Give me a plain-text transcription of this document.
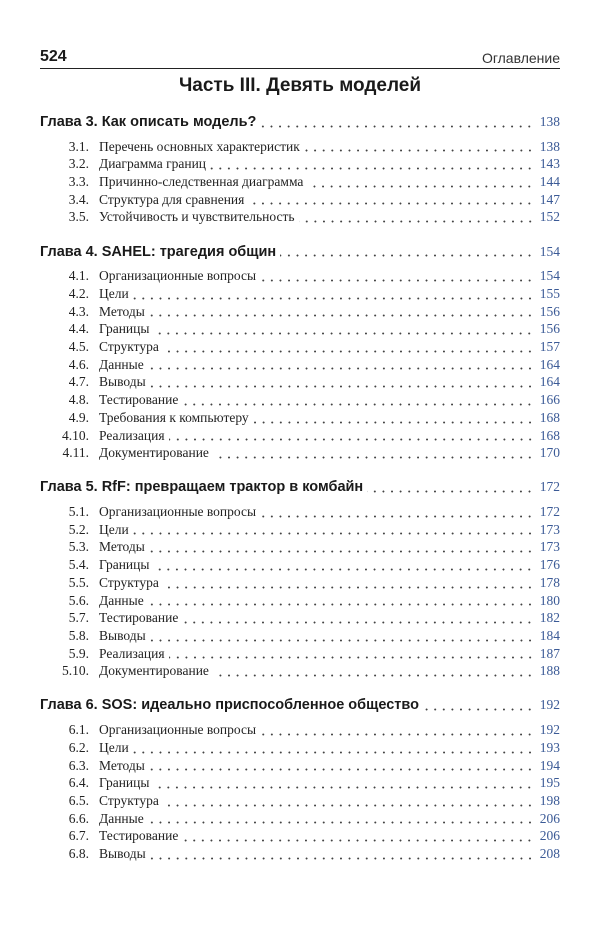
524	Оглавление
Часть III. Девять моделей
Глава 3. Как описать модель?	138
3.1. Перечень основных характеристик	138
3.2. Диаграмма границ	143
3.3. Причинно-следственная диаграмма	144
3.4. Структура для сравнения	147
3.5. Устойчивость и чувствительность	152
Глава 4. SAHEL: трагедия общин	154
4.1. Организационные вопросы	154
4.2. Цели	155
4.3. Методы	156
4.4. Границы	156
4.5. Структура	157
4.6. Данные	164
4.7. Выводы	164
4.8. Тестирование	166
4.9. Требования к компьютеру	168
4.10. Реализация	168
4.11. Документирование	170
Глава 5. RfF: превращаем трактор в комбайн	172
5.1. Организационные вопросы	172
5.2. Цели	173
5.3. Методы	173
5.4. Границы	176
5.5. Структура	178
5.6. Данные	180
5.7. Тестирование	182
5.8. Выводы	184
5.9. Реализация	187
5.10. Документирование	188
Глава 6. SOS: идеально приспособленное общество	192
6.1. Организационные вопросы	192
6.2. Цели	193
6.3. Методы	194
6.4. Границы	195
6.5. Структура	198
6.6. Данные	206
6.7. Тестирование	206
6.8. Выводы	208
